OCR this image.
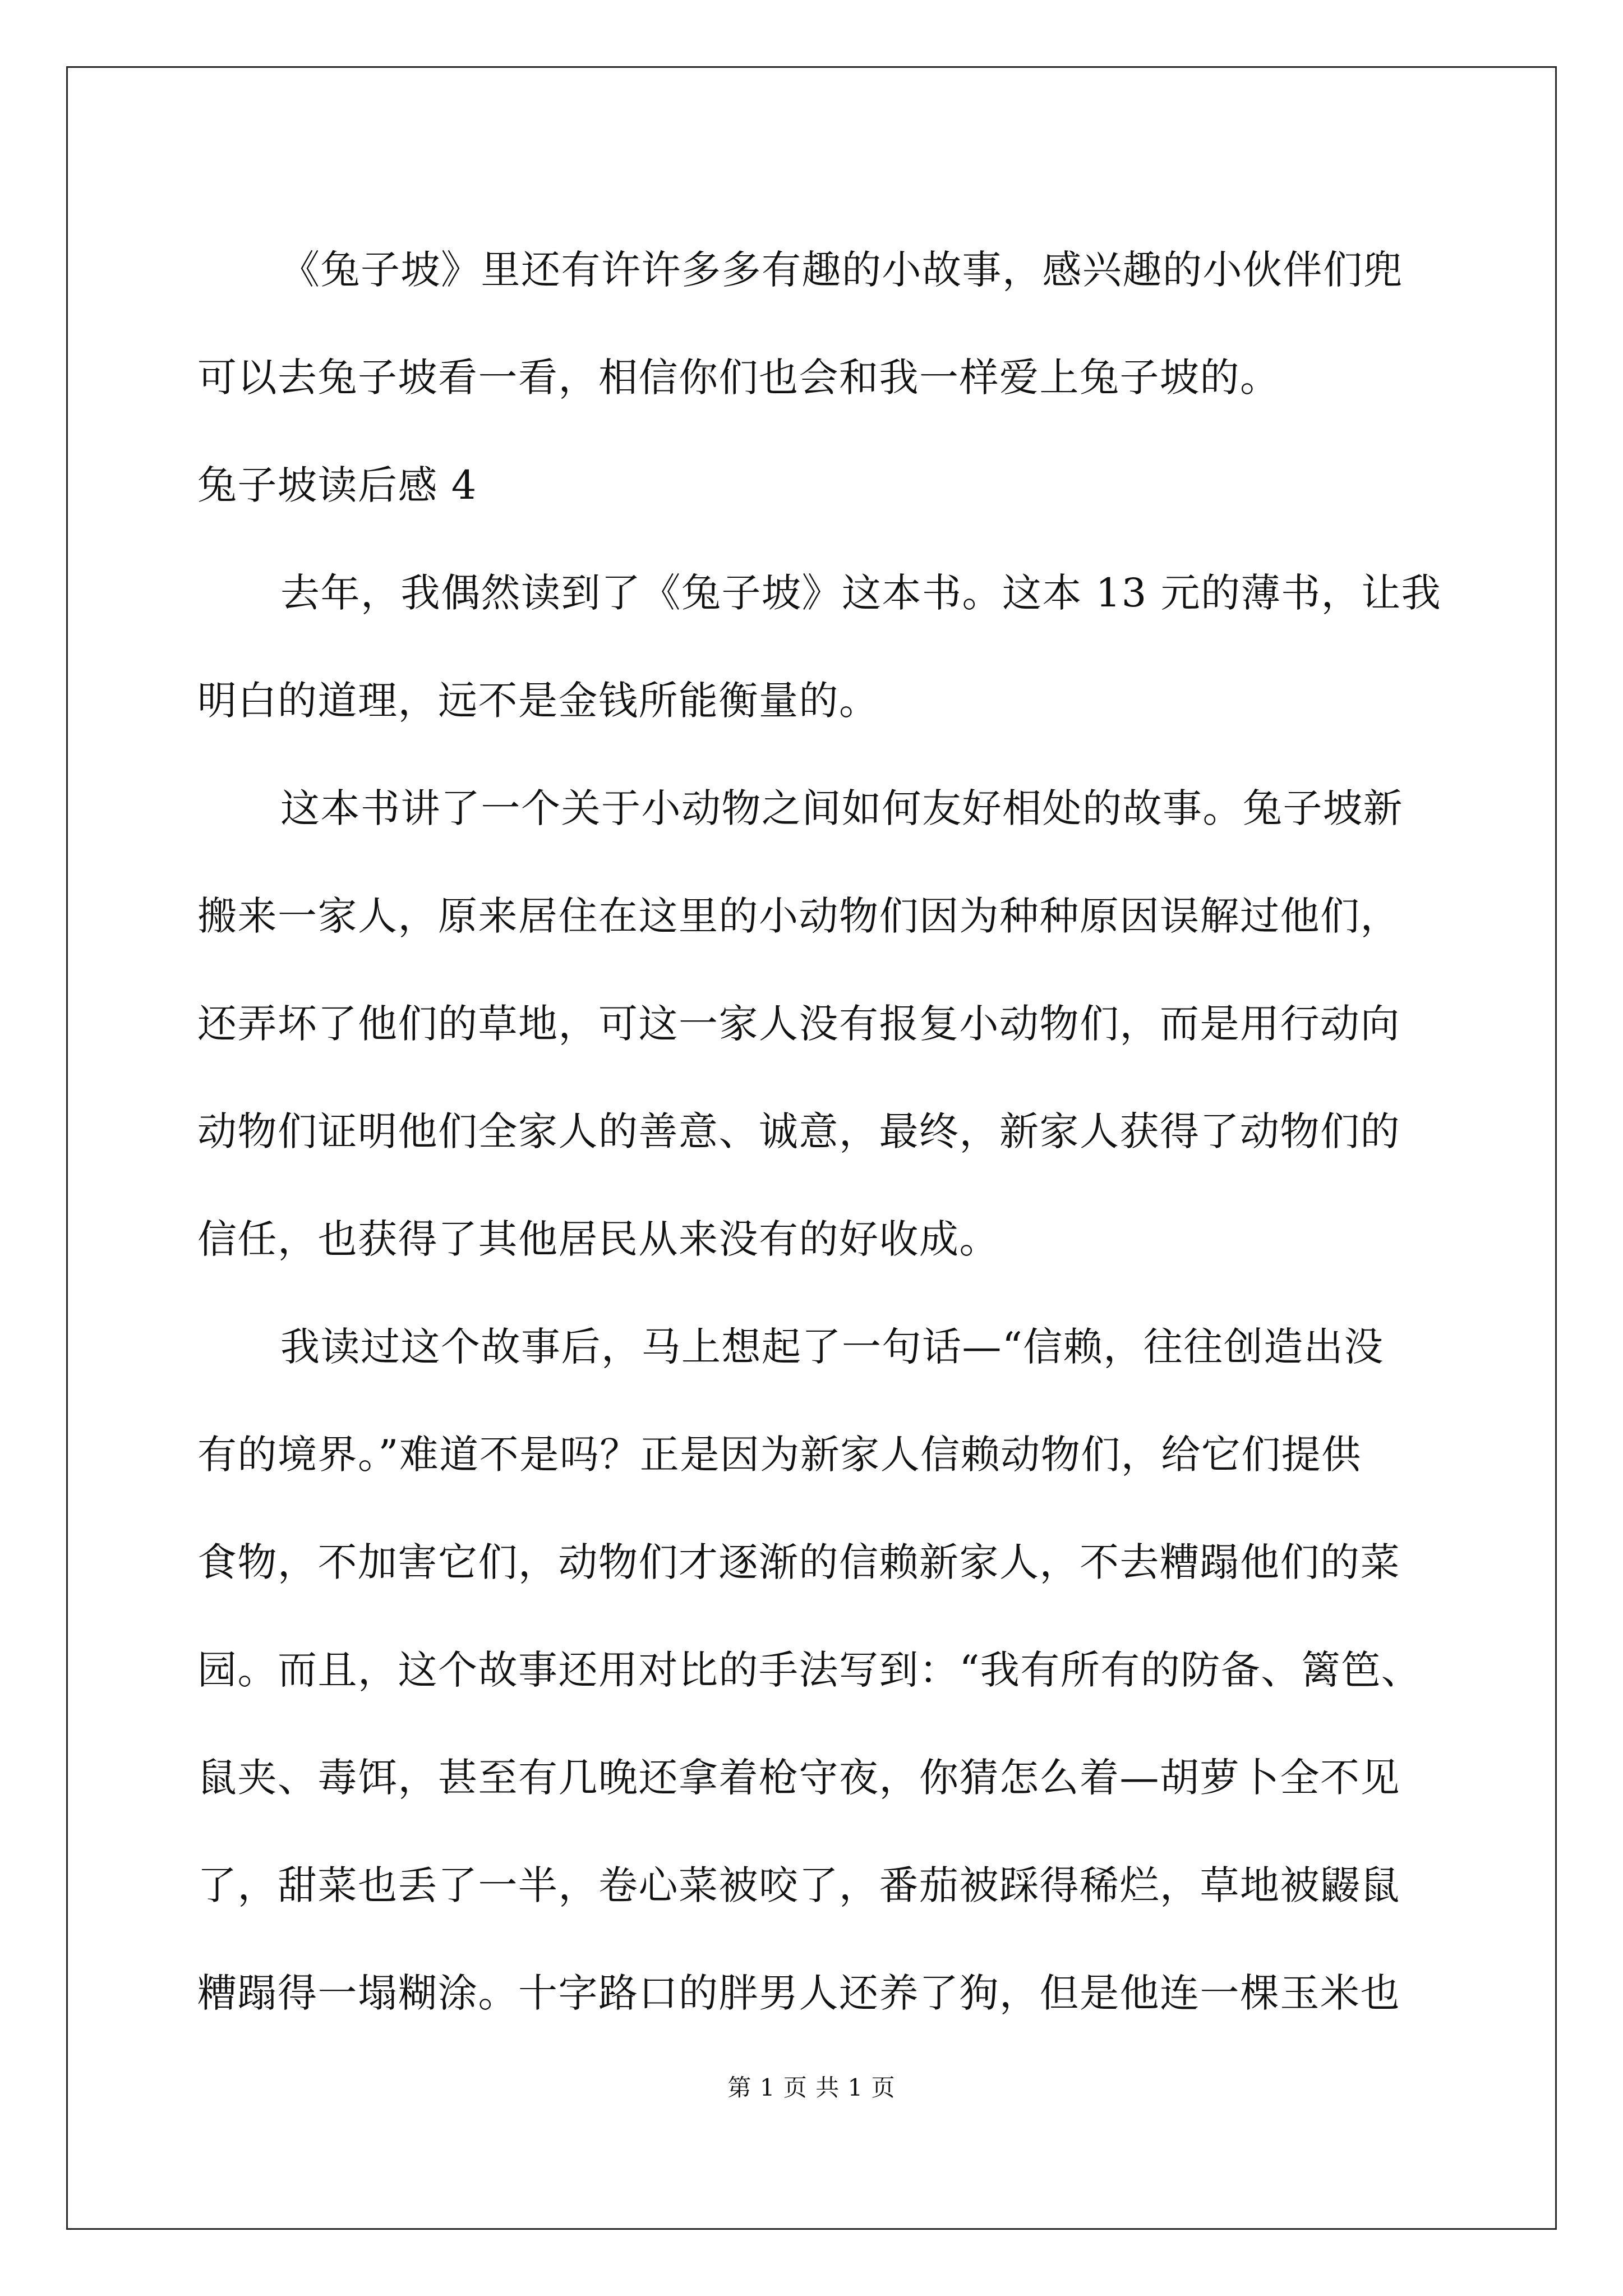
《兔子坡》里还有许许多多有趣的小故事，感兴趣的小伙伴们兜
可以去兔子坡看一看，相信你们也会和我一样爱上兔子坡的。
兔子坡读后感 4
去年，我偶然读到了《兔子坡》这本书。这本 13 元的薄书，让我
明白的道理，远不是金钱所能衡量的。
这本书讲了一个关于小动物之间如何友好相处的故事。兔子坡新
搬来一家人，原来居住在这里的小动物们因为种种原因误解过他们，
还弄坏了他们的草地，可这一家人没有报复小动物们，而是用行动向
动物们证明他们全家人的善意、诚意，最终，新家人获得了动物们的
信任，也获得了其他居民从来没有的好收成。
我读过这个故事后，马上想起了一句话—“信赖，往往创造出没
有的境界。”难道不是吗？正是因为新家人信赖动物们，给它们提供
食物，不加害它们，动物们才逐渐的信赖新家人，不去糟蹋他们的菜
园。而且，这个故事还用对比的手法写到：“我有所有的防备、篱笆、
鼠夹、毒饵，甚至有几晚还拿着枪守夜，你猜怎么着—胡萝卜全不见
了，甜菜也丢了一半，卷心菜被咬了，番茄被踩得稀烂，草地被鼹鼠
糟蹋得一塌糊涂。十字路口的胖男人还养了狗，但是他连一棵玉米也
第 1 页 共 1 页
